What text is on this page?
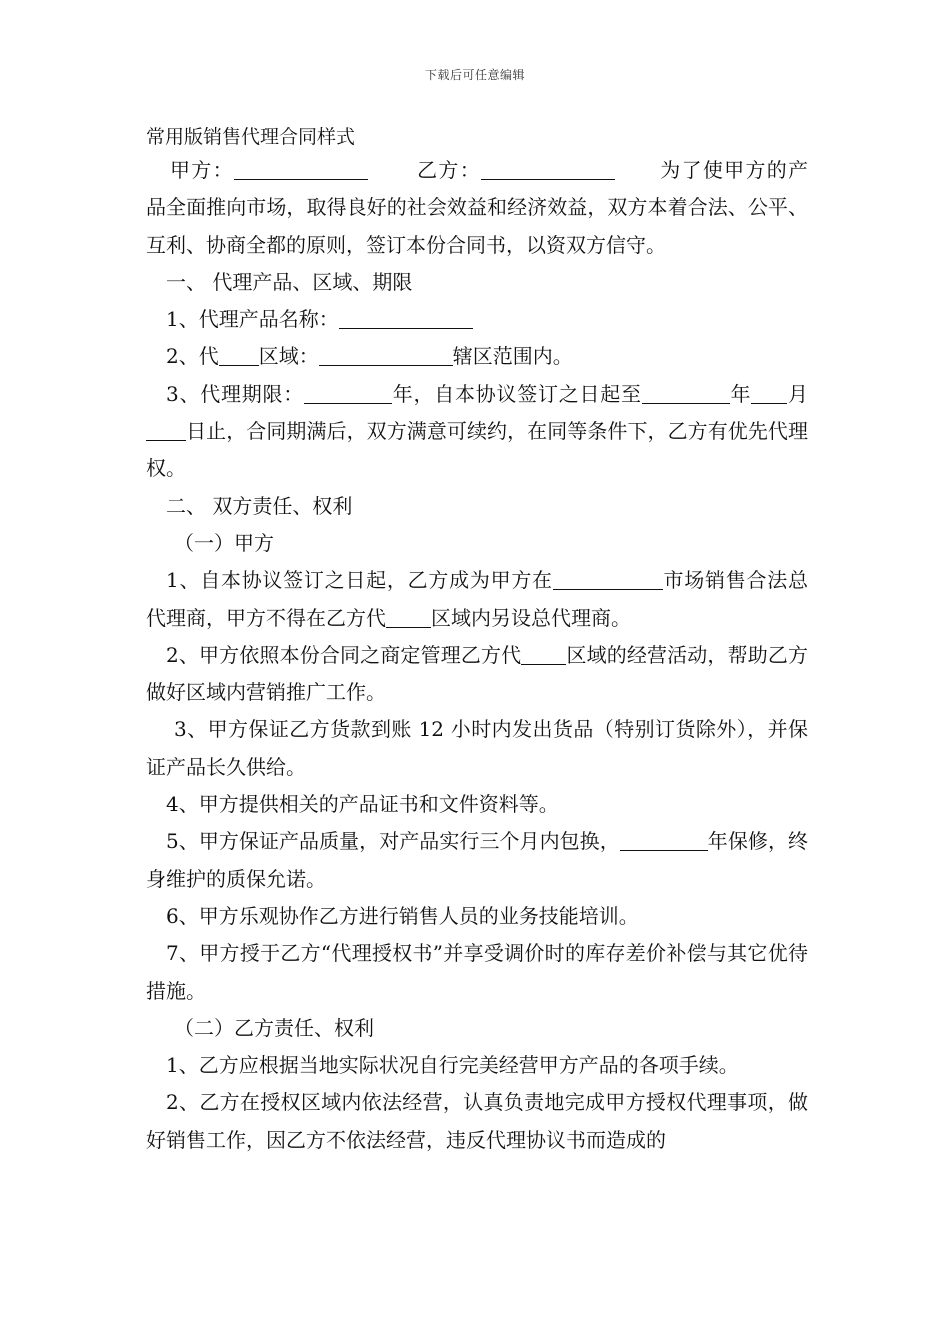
下载后可任意编辑
常用版销售代理合同样式

甲方：	乙方：	为了使甲方的产品全面推向市场，取得良好的社会效益和经济效益，双方本着合法、公平、互利、协商全都的原则，签订本份合同书，以资双方信守。

一、 代理产品、区域、期限

1、代理产品名称：

2、代 区域：	辖区范围内。

3、代理期限：	年，自本协议签订之日起至	年 月日止，合同期满后，双方满意可续约，在同等条件下，乙方有优先代理权。

二、 双方责任、权利

（一）甲方

1、自本协议签订之日起，乙方成为甲方在	市场销售合法总代理商，甲方不得在乙方代 区域内另设总代理商。

2、甲方依照本份合同之商定管理乙方代 区域的经营活动，帮助乙方做好区域内营销推广工作。

3、甲方保证乙方货款到账 12 小时内发出货品（特别订货除外），并保证产品长久供给。

4、甲方提供相关的产品证书和文件资料等。

5、甲方保证产品质量，对产品实行三个月内包换，	年保修，终身维护的质保允诺。

6、甲方乐观协作乙方进行销售人员的业务技能培训。

7、甲方授于乙方“代理授权书”并享受调价时的库存差价补偿与其它优待措施。

（二）乙方责任、权利

1、乙方应根据当地实际状况自行完美经营甲方产品的各项手续。

2、乙方在授权区域内依法经营，认真负责地完成甲方授权代理事项，做好销售工作，因乙方不依法经营，违反代理协议书而造成的
